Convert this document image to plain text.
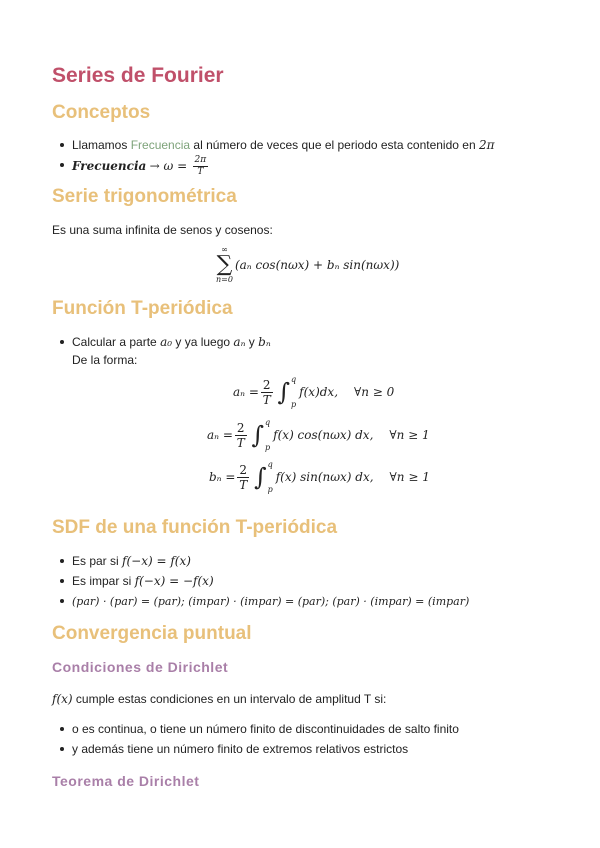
Series de Fourier
Conceptos
Llamamos Frecuencia al número de veces que el periodo esta contenido en 2π
Frecuencia → $\omega = \frac{2\pi}{T}$
Serie trigonométrica
Es una suma infinita de senos y cosenos:
∞
∑
n=0
(aₙ cos(nωx) + bₙ sin(nωx))
Función T-periódica
Calcular a parte a₀ y ya luego aₙ y bₙ
De la forma:
$a_n = \frac{2}{T}$ ∫ q
p
f(x)dx, ∀n ≥ 0
$a_n = \frac{2}{T}$ ∫ q
p
f(x) cos(nωx) dx, ∀n ≥ 1
$b_n = \frac{2}{T}$ ∫ q
p
f(x) sin(nωx) dx, ∀n ≥ 1
SDF de una función T-periódica
Es par si f(−x) = f(x)
Es impar si f(−x) = −f(x)
(par) · (par) = (par); (impar) · (impar) = (par); (par) · (impar) = (impar)
Convergencia puntual
Condiciones de Dirichlet
f(x) cumple estas condiciones en un intervalo de amplitud T si:
o es continua, o tiene un número finito de discontinuidades de salto finito
y además tiene un número finito de extremos relativos estrictos
Teorema de Dirichlet
